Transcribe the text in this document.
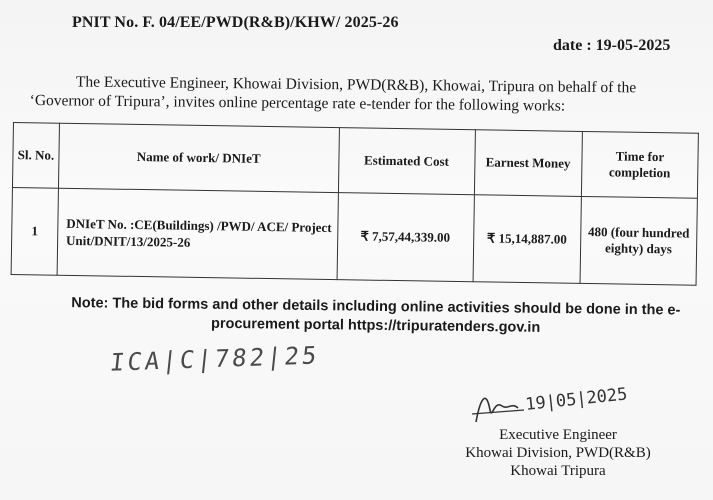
PNIT No. F. 04/EE/PWD(R&B)/KHW/ 2025-26
date : 19-05-2025
The Executive Engineer, Khowai Division, PWD(R&B), Khowai, Tripura on behalf of the
‘Governor of Tripura’, invites online percentage rate e-tender for the following works:
Sl. No.	Name of work/ DNIeT	Estimated Cost	Earnest Money	Time for completion
1	DNIeT No. :CE(Buildings) /PWD/ ACE/ Project Unit/DNIT/13/2025-26	₹ 7,57,44,339.00	₹ 15,14,887.00	480 (four hundred eighty) days
Note: The bid forms and other details including online activities should be done in the e-procurement portal https://tripuratenders.gov.in
ICA|C|782|25
19|05|2025
Executive Engineer
Khowai Division, PWD(R&B)
Khowai Tripura
